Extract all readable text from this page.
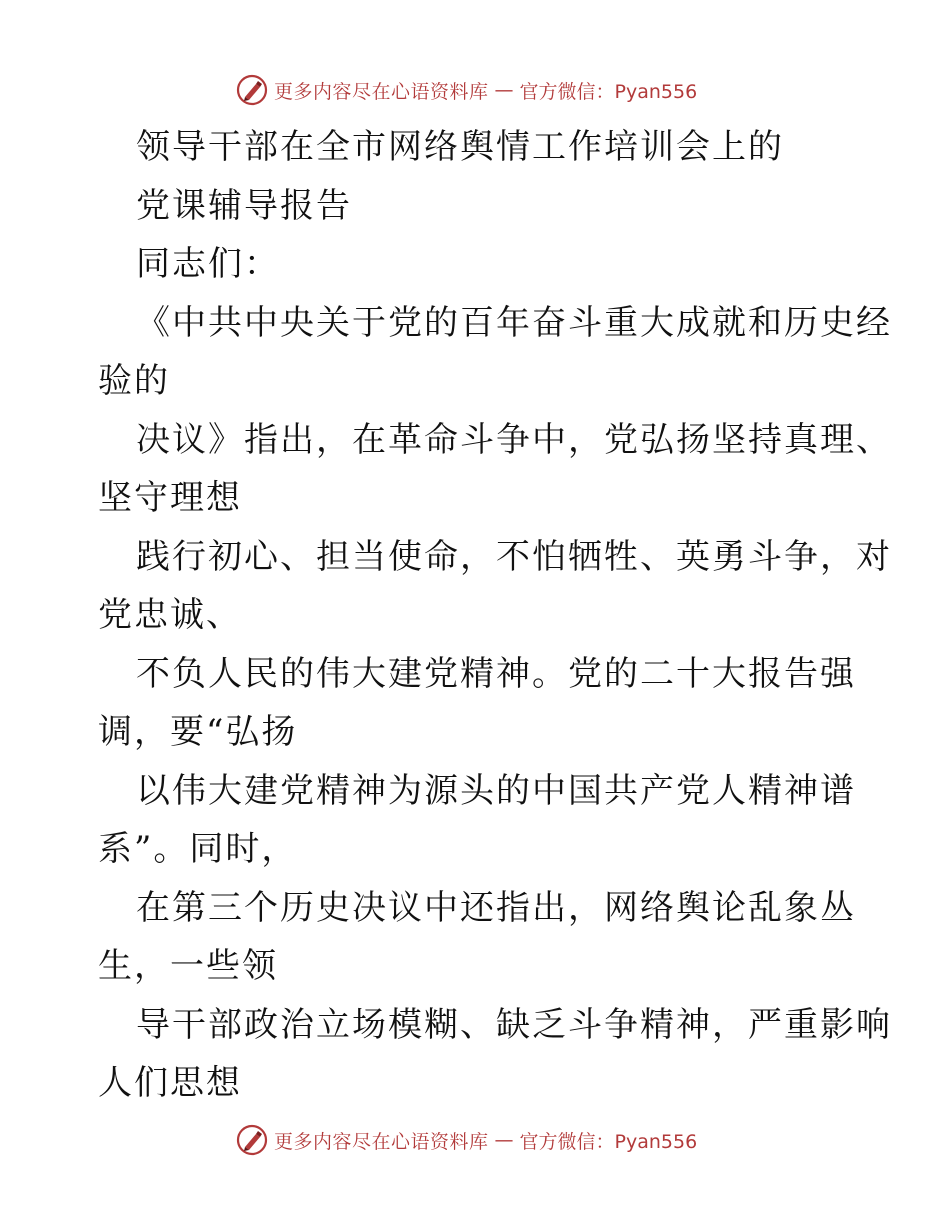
更多内容尽在心语资料库 — 官方微信：Pyan556
领导干部在全市网络舆情工作培训会上的
党课辅导报告
同志们：
《中共中央关于党的百年奋斗重大成就和历史经
验的
决议》指出，在革命斗争中，党弘扬坚持真理、
坚守理想
践行初心、担当使命，不怕牺牲、英勇斗争，对
党忠诚、
不负人民的伟大建党精神。党的二十大报告强
调，要“弘扬
以伟大建党精神为源头的中国共产党人精神谱
系”。同时，
在第三个历史决议中还指出，网络舆论乱象丛
生，一些领
导干部政治立场模糊、缺乏斗争精神，严重影响
人们思想
更多内容尽在心语资料库 — 官方微信：Pyan556
